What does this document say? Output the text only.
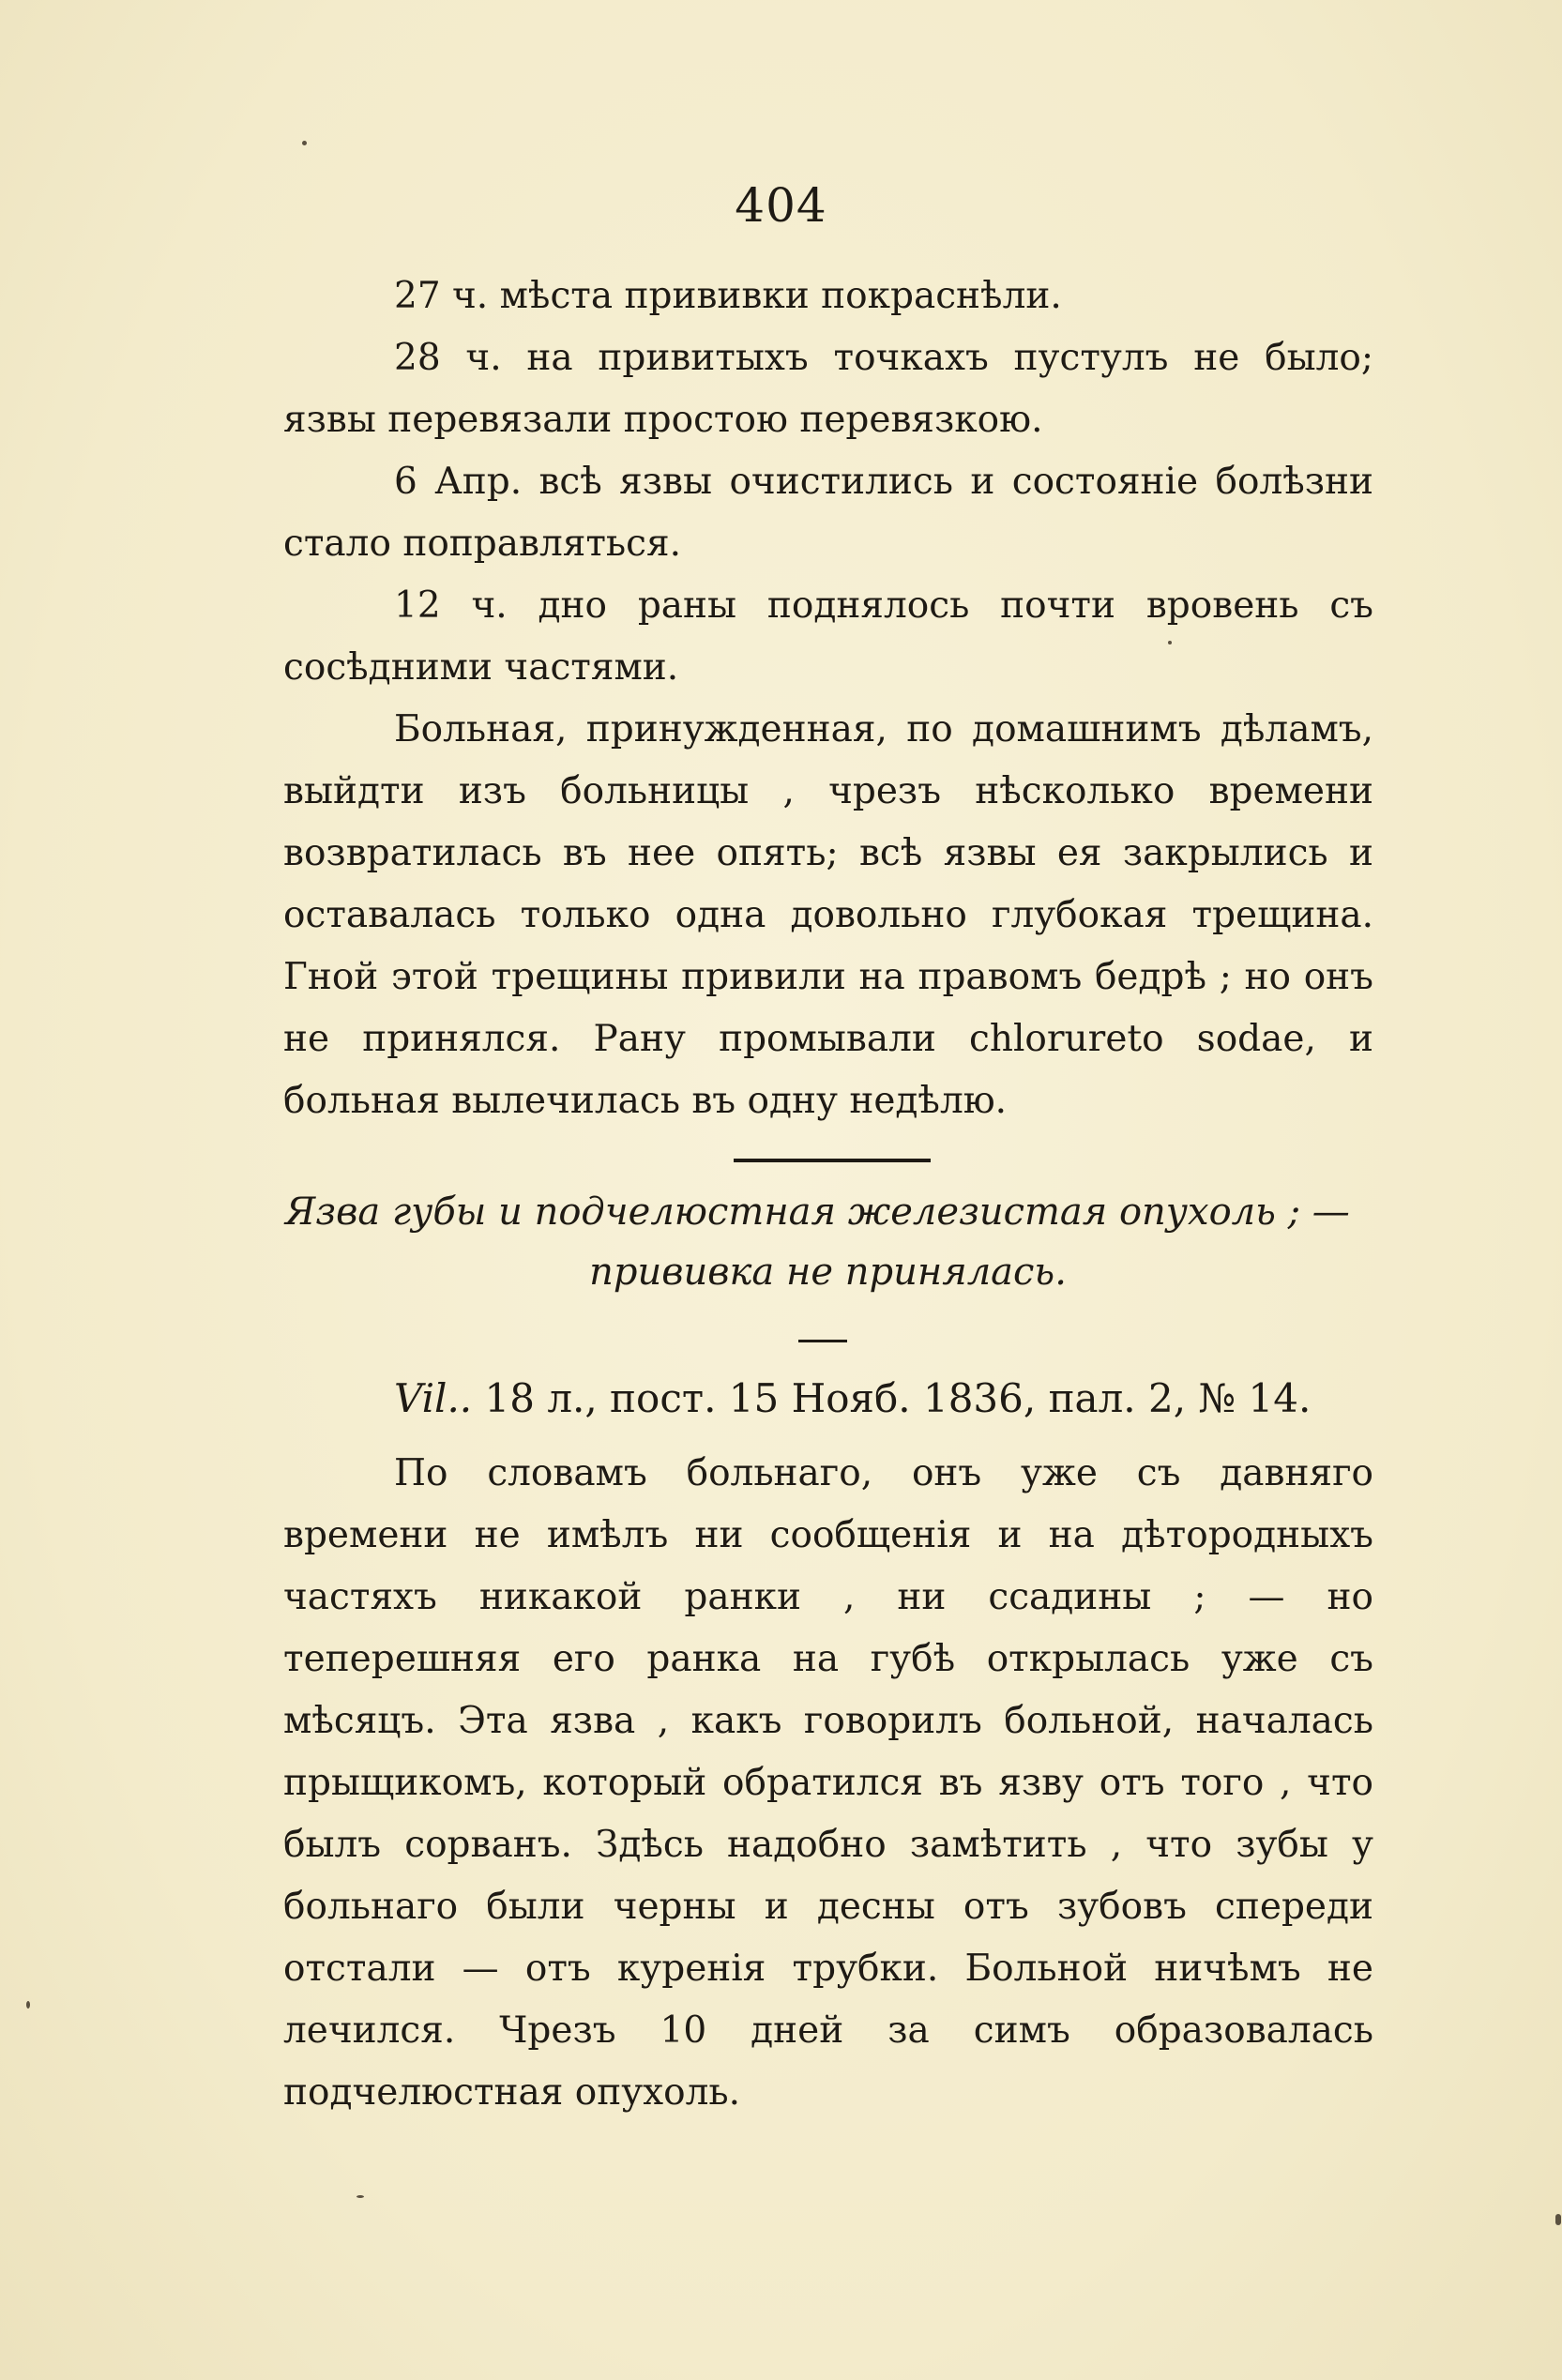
404

27 ч. мѣста прививки покраснѣли.

28 ч. на привитыхъ точкахъ пустулъ не было; язвы перевязали простою перевязкою.

6 Апр. всѣ язвы очистились и состояніе болѣзни стало поправляться.

12 ч. дно раны поднялось почти вровень съ сосѣдними частями.

Больная, принужденная, по домашнимъ дѣламъ, выйдти изъ больницы , чрезъ нѣсколько времени возвратилась въ нее опять; всѣ язвы ея закрылись и оставалась только одна довольно глубокая трещина. Гной этой трещины привили на правомъ бедрѣ ; но онъ не принялся. Рану промывали chloruretо sodae, и больная вылечилась въ одну недѣлю.

Язва губы и подчелюстная железистая опухоль ; —
прививка не принялась.
Vil.. 18 л., пост. 15 Нояб. 1836, пал. 2, № 14.

По словамъ больнаго, онъ уже съ давняго времени не имѣлъ ни сообщенія и на дѣтородныхъ частяхъ никакой ранки , ни ссадины ; — но теперешняя его ранка на губѣ открылась уже съ мѣсяцъ. Эта язва , какъ говорилъ больной, началась прыщикомъ, который обратился въ язву отъ того , что былъ сорванъ. Здѣсь надобно замѣтить , что зубы у больнаго были черны и десны отъ зубовъ спереди отстали — отъ куренія трубки. Больной ничѣмъ не лечился. Чрезъ 10 дней за симъ образовалась подчелюстная опухоль.
